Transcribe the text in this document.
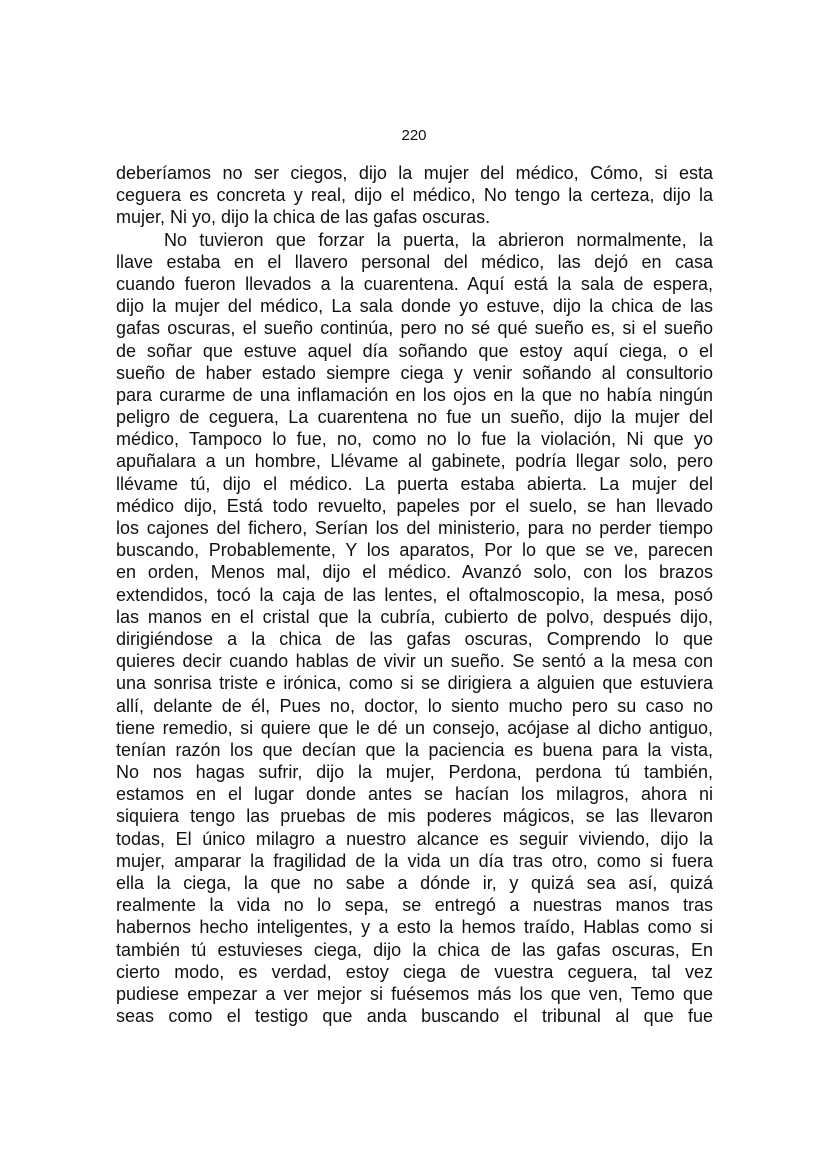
220
deberíamos no ser ciegos, dijo la mujer del médico, Cómo, si esta
ceguera es concreta y real, dijo el médico, No tengo la certeza, dijo la
mujer, Ni yo, dijo la chica de las gafas oscuras.
No tuvieron que forzar la puerta, la abrieron normalmente, la
llave estaba en el llavero personal del médico, las dejó en casa
cuando fueron llevados a la cuarentena. Aquí está la sala de espera,
dijo la mujer del médico, La sala donde yo estuve, dijo la chica de las
gafas oscuras, el sueño continúa, pero no sé qué sueño es, si el sueño
de soñar que estuve aquel día soñando que estoy aquí ciega, o el
sueño de haber estado siempre ciega y venir soñando al consultorio
para curarme de una inflamación en los ojos en la que no había ningún
peligro de ceguera, La cuarentena no fue un sueño, dijo la mujer del
médico, Tampoco lo fue, no, como no lo fue la violación, Ni que yo
apuñalara a un hombre, Llévame al gabinete, podría llegar solo, pero
llévame tú, dijo el médico. La puerta estaba abierta. La mujer del
médico dijo, Está todo revuelto, papeles por el suelo, se han llevado
los cajones del fichero, Serían los del ministerio, para no perder tiempo
buscando, Probablemente, Y los aparatos, Por lo que se ve, parecen
en orden, Menos mal, dijo el médico. Avanzó solo, con los brazos
extendidos, tocó la caja de las lentes, el oftalmoscopio, la mesa, posó
las manos en el cristal que la cubría, cubierto de polvo, después dijo,
dirigiéndose a la chica de las gafas oscuras, Comprendo lo que
quieres decir cuando hablas de vivir un sueño. Se sentó a la mesa con
una sonrisa triste e irónica, como si se dirigiera a alguien que estuviera
allí, delante de él, Pues no, doctor, lo siento mucho pero su caso no
tiene remedio, si quiere que le dé un consejo, acójase al dicho antiguo,
tenían razón los que decían que la paciencia es buena para la vista,
No nos hagas sufrir, dijo la mujer, Perdona, perdona tú también,
estamos en el lugar donde antes se hacían los milagros, ahora ni
siquiera tengo las pruebas de mis poderes mágicos, se las llevaron
todas, El único milagro a nuestro alcance es seguir viviendo, dijo la
mujer, amparar la fragilidad de la vida un día tras otro, como si fuera
ella la ciega, la que no sabe a dónde ir, y quizá sea así, quizá
realmente la vida no lo sepa, se entregó a nuestras manos tras
habernos hecho inteligentes, y a esto la hemos traído, Hablas como si
también tú estuvieses ciega, dijo la chica de las gafas oscuras, En
cierto modo, es verdad, estoy ciega de vuestra ceguera, tal vez
pudiese empezar a ver mejor si fuésemos más los que ven, Temo que
seas como el testigo que anda buscando el tribunal al que fue
